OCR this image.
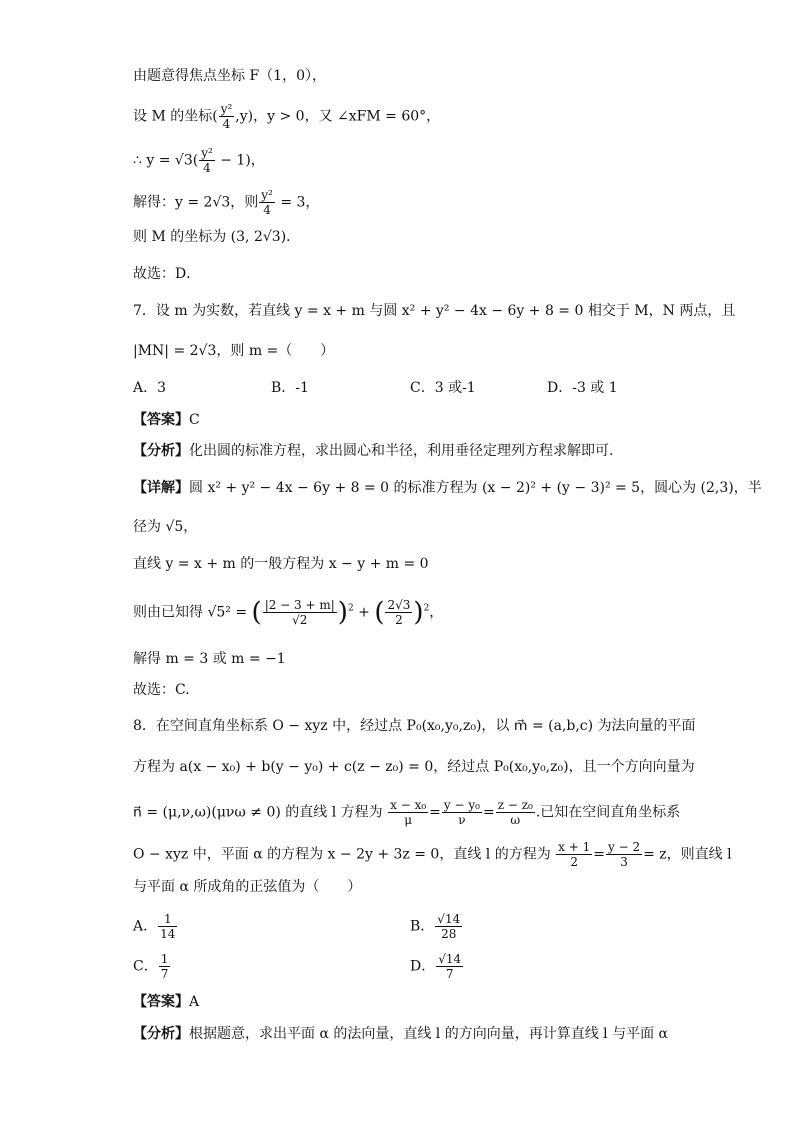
由题意得焦点坐标 F（1，0），
设 M 的坐标( $\frac{\text{y²}}{4} ,y$)，y > 0，又 ∠xFM = 60°，
∴ $y = √3( \frac{\text{y²}}{4} - 1)$，
解得：y = 2√3，则 $\frac{\text{y²}}{4} = 3$，
则 M 的坐标为 (3, 2√3)．
故选：D．
7．设 m 为实数，若直线 y = x + m 与圆 x² + y² − 4x − 6y + 8 = 0 相交于 M，N 两点，且
|MN| = 2√3，则 m =（　　）
A．3	B．-1	C．3 或-1	D．-3 或 1
【答案】C
【分析】化出圆的标准方程，求出圆心和半径，利用垂径定理列方程求解即可.
【详解】圆 x² + y² − 4x − 6y + 8 = 0 的标准方程为 (x − 2)² + (y − 3)² = 5，圆心为 (2,3)，半
径为 √5，
直线 y = x + m 的一般方程为 x − y + m = 0
则由已知得 √5² = ( $\frac{|2 - 3 + m|}{√2} )^2$ + ( $\frac{2√3}{2} )^2$，
解得 m = 3 或 m = −1
故选：C.
8．在空间直角坐标系 O − xyz 中，经过点 P₀(x₀,y₀,z₀)，以 m⃗ = (a,b,c) 为法向量的平面
方程为 a(x − x₀) + b(y − y₀) + c(z − z₀) = 0，经过点 P₀(x₀,y₀,z₀)，且一个方向向量为
n⃗ = (μ,ν,ω)(μνω ≠ 0) 的直线 l 方程为 $\frac{\text{x − x₀}}{\mu} = \frac{\text{y − y₀}}{\nu} = \frac{\text{z − z₀}}{\omega}$ .已知在空间直角坐标系
O − xyz 中，平面 α 的方程为 x − 2y + 3z = 0，直线 l 的方程为 $\frac{x + 1}{2} = \frac{y - 2}{3} = z$，则直线 l
与平面 α 所成角的正弦值为（　　）
A． $\frac{1}{14}$	B． $\frac{√14}{28}$
C． $\frac{1}{7}$	D． $\frac{√14}{7}$
【答案】A
【分析】根据题意，求出平面 α 的法向量，直线 l 的方向向量，再计算直线 l 与平面 α
